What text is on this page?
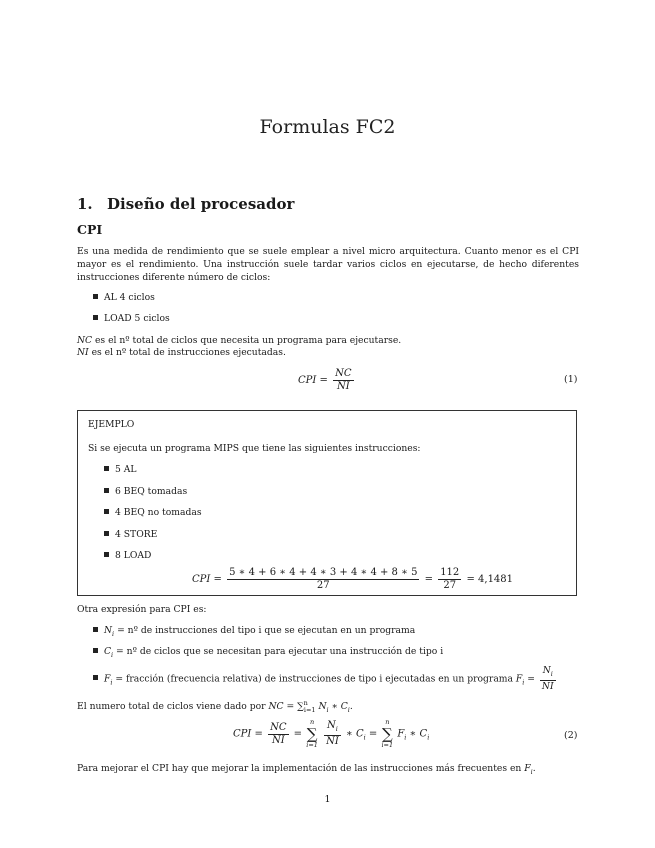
Formulas FC2
1. Diseño del procesador
CPI
Es una medida de rendimiento que se suele emplear a nivel micro arquitectura. Cuanto menor es el CPI mayor es el rendimiento. Una instrucción suele tardar varios ciclos en ejecutarse, de hecho diferentes instrucciones diferente número de ciclos:
AL 4 ciclos
LOAD 5 ciclos
NC es el nº total de ciclos que necesita un programa para ejecutarse.
NI es el nº total de instrucciones ejecutadas.
CPI = $\frac{NC}{NI}$	(1)
EJEMPLO
Si se ejecuta un programa MIPS que tiene las siguientes instrucciones:
5 AL
6 BEQ tomadas
4 BEQ no tomadas
4 STORE
8 LOAD
CPI = $\frac{5 ∗ 4 + 6 ∗ 4 + 4 ∗ 3 + 4 ∗ 4 + 8 ∗ 5}{27} = \frac{112}{27} = 4,1481$
Otra expresión para CPI es:
$N_i$ = nº de instrucciones del tipo i que se ejecutan en un programa
$C_i$ = nº de ciclos que se necesitan para ejecutar una instrucción de tipo i
$F_i$ = fracción (frecuencia relativa) de instrucciones de tipo i ejecutadas en un programa $F_i = \frac{N_i}{NI}$
El numero total de ciclos viene dado por NC = ∑$^n_{i=1}$ $N_i$ ∗ $C_i$.
CPI = $\frac{NC}{NI}$ =
n
∑
i=1
$\frac{N_i}{NI}$ ∗ $C_i$ =
n
∑
i=1
$F_i$ ∗ $C_i$	(2)
Para mejorar el CPI hay que mejorar la implementación de las instrucciones más frecuentes en $F_i$.
1
